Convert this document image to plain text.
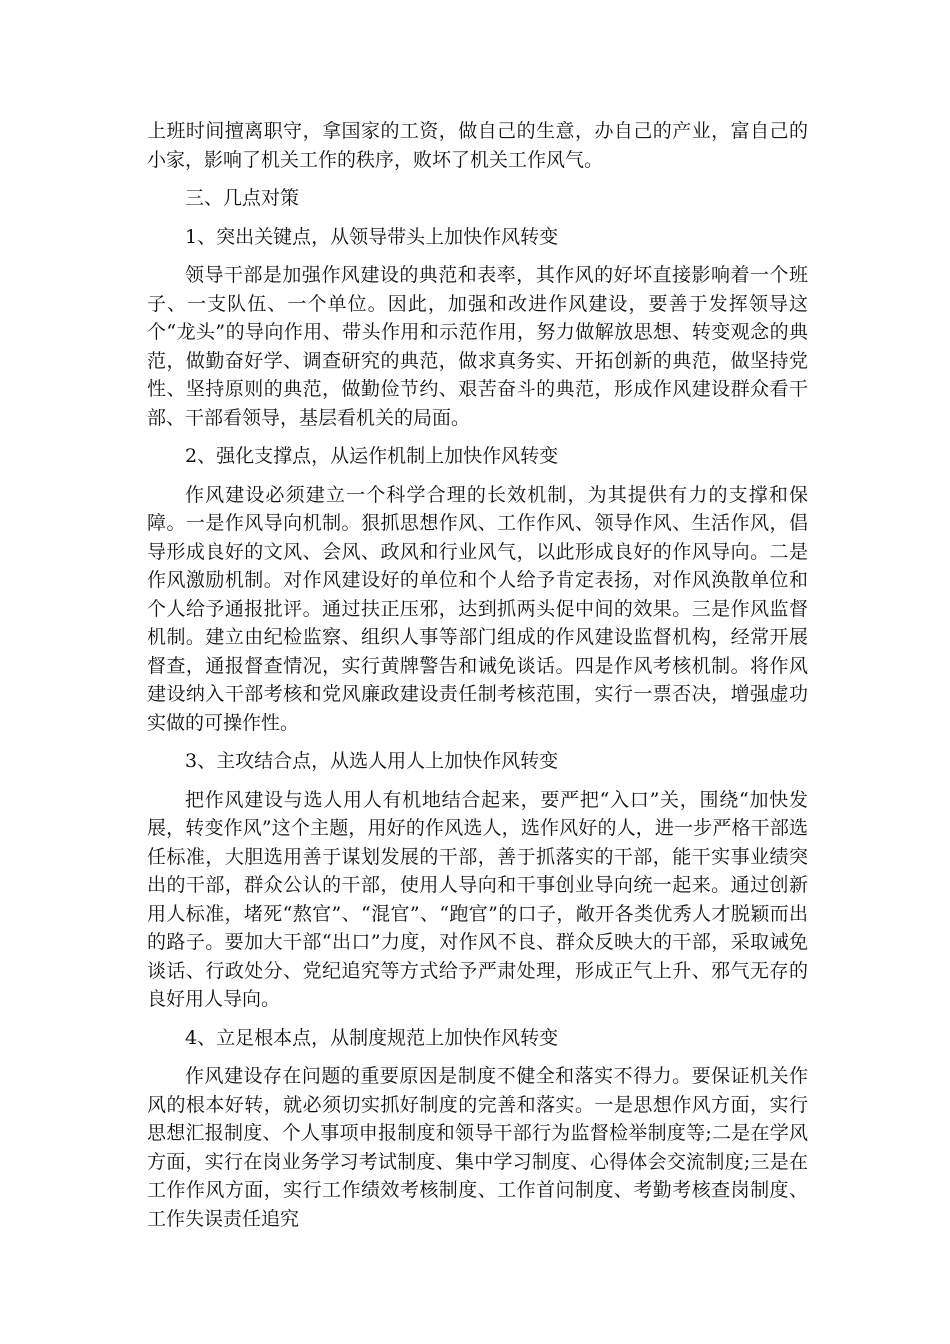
上班时间擅离职守，拿国家的工资，做自己的生意，办自己的产业，富自己的小家，影响了机关工作的秩序，败坏了机关工作风气。

三、几点对策

1、突出关键点，从领导带头上加快作风转变

领导干部是加强作风建设的典范和表率，其作风的好坏直接影响着一个班子、一支队伍、一个单位。因此，加强和改进作风建设，要善于发挥领导这个“龙头”的导向作用、带头作用和示范作用，努力做解放思想、转变观念的典范，做勤奋好学、调查研究的典范，做求真务实、开拓创新的典范，做坚持党性、坚持原则的典范，做勤俭节约、艰苦奋斗的典范，形成作风建设群众看干部、干部看领导，基层看机关的局面。

2、强化支撑点，从运作机制上加快作风转变

作风建设必须建立一个科学合理的长效机制，为其提供有力的支撑和保障。一是作风导向机制。狠抓思想作风、工作作风、领导作风、生活作风，倡导形成良好的文风、会风、政风和行业风气，以此形成良好的作风导向。二是作风激励机制。对作风建设好的单位和个人给予肯定表扬，对作风涣散单位和个人给予通报批评。通过扶正压邪，达到抓两头促中间的效果。三是作风监督机制。建立由纪检监察、组织人事等部门组成的作风建设监督机构，经常开展督查，通报督查情况，实行黄牌警告和诫免谈话。四是作风考核机制。将作风建设纳入干部考核和党风廉政建设责任制考核范围，实行一票否决，增强虚功实做的可操作性。

3、主攻结合点，从选人用人上加快作风转变

把作风建设与选人用人有机地结合起来，要严把“入口”关，围绕“加快发展，转变作风”这个主题，用好的作风选人，选作风好的人，进一步严格干部选任标准，大胆选用善于谋划发展的干部，善于抓落实的干部，能干实事业绩突出的干部，群众公认的干部，使用人导向和干事创业导向统一起来。通过创新用人标准，堵死“熬官”、“混官”、“跑官”的口子，敞开各类优秀人才脱颖而出的路子。要加大干部“出口”力度，对作风不良、群众反映大的干部，采取诫免谈话、行政处分、党纪追究等方式给予严肃处理，形成正气上升、邪气无存的良好用人导向。

4、立足根本点，从制度规范上加快作风转变

作风建设存在问题的重要原因是制度不健全和落实不得力。要保证机关作风的根本好转，就必须切实抓好制度的完善和落实。一是思想作风方面，实行思想汇报制度、个人事项申报制度和领导干部行为监督检举制度等;二是在学风方面，实行在岗业务学习考试制度、集中学习制度、心得体会交流制度;三是在工作作风方面，实行工作绩效考核制度、工作首问制度、考勤考核查岗制度、工作失误责任追究
